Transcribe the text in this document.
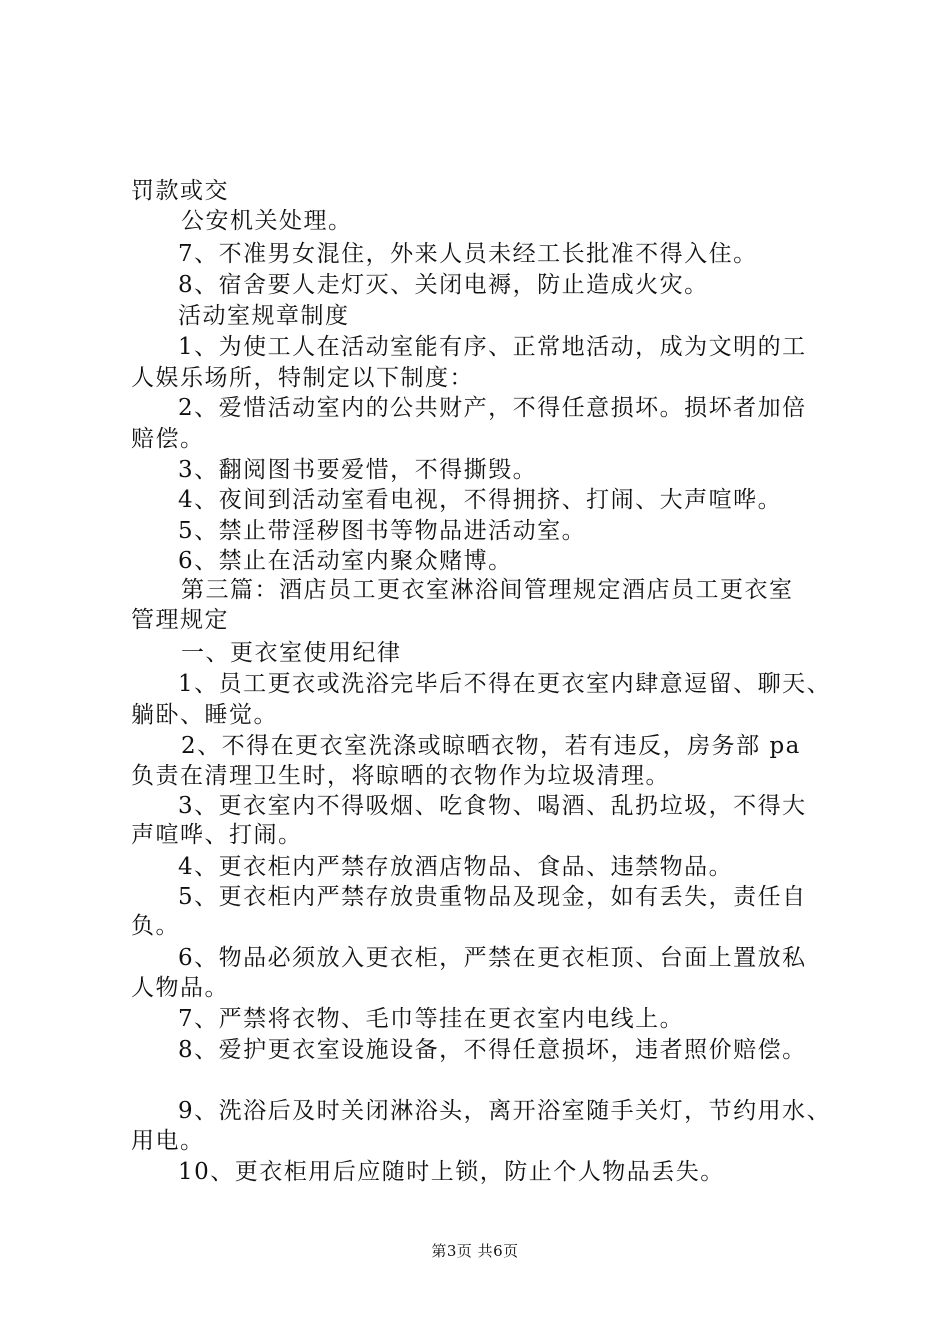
罚款或交
公安机关处理。
7、不准男女混住，外来人员未经工长批准不得入住。
8、宿舍要人走灯灭、关闭电褥，防止造成火灾。
活动室规章制度
1、为使工人在活动室能有序、正常地活动，成为文明的工
人娱乐场所，特制定以下制度：
2、爱惜活动室内的公共财产，不得任意损坏。损坏者加倍
赔偿。
3、翻阅图书要爱惜，不得撕毁。
4、夜间到活动室看电视，不得拥挤、打闹、大声喧哗。
5、禁止带淫秽图书等物品进活动室。
6、禁止在活动室内聚众赌博。
第三篇：酒店员工更衣室淋浴间管理规定酒店员工更衣室
管理规定
一、更衣室使用纪律
1、员工更衣或洗浴完毕后不得在更衣室内肆意逗留、聊天、
躺卧、睡觉。
2、不得在更衣室洗涤或晾晒衣物，若有违反，房务部 pa
负责在清理卫生时，将晾晒的衣物作为垃圾清理。
3、更衣室内不得吸烟、吃食物、喝酒、乱扔垃圾，不得大
声喧哗、打闹。
4、更衣柜内严禁存放酒店物品、食品、违禁物品。
5、更衣柜内严禁存放贵重物品及现金，如有丢失，责任自
负。
6、物品必须放入更衣柜，严禁在更衣柜顶、台面上置放私
人物品。
7、严禁将衣物、毛巾等挂在更衣室内电线上。
8、爱护更衣室设施设备，不得任意损坏，违者照价赔偿。
9、洗浴后及时关闭淋浴头，离开浴室随手关灯，节约用水、
用电。
10、更衣柜用后应随时上锁，防止个人物品丢失。
第3页 共6页
